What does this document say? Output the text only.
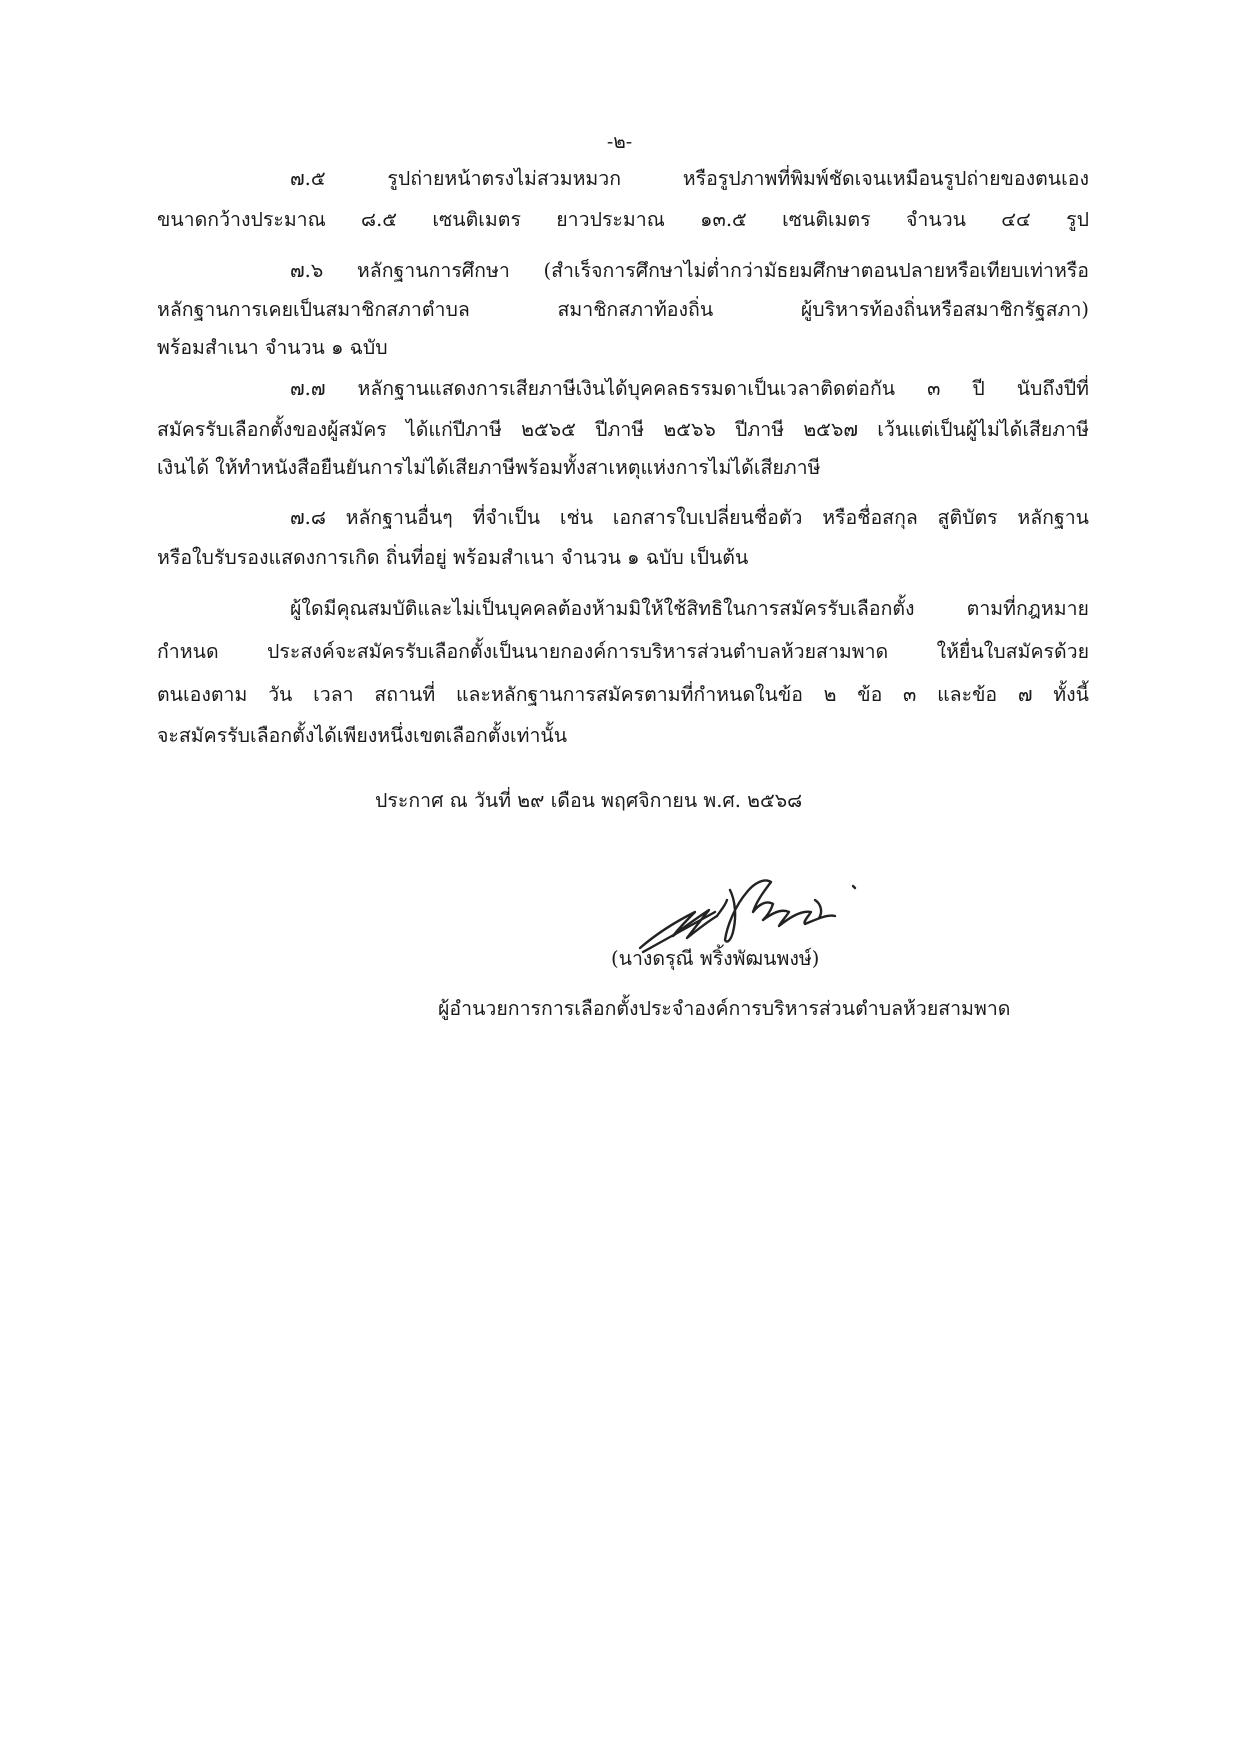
-๒-
๗.๕ รูปถ่ายหน้าตรงไม่สวมหมวก หรือรูปภาพที่พิมพ์ชัดเจนเหมือนรูปถ่ายของตนเอง
ขนาดกว้างประมาณ ๘.๕ เซนติเมตร ยาวประมาณ ๑๓.๕ เซนติเมตร จำนวน ๔๔ รูป
๗.๖ หลักฐานการศึกษา (สำเร็จการศึกษาไม่ต่ำกว่ามัธยมศึกษาตอนปลายหรือเทียบเท่าหรือ
หลักฐานการเคยเป็นสมาชิกสภาตำบล สมาชิกสภาท้องถิ่น ผู้บริหารท้องถิ่นหรือสมาชิกรัฐสภา)
พร้อมสำเนา จำนวน ๑ ฉบับ
๗.๗ หลักฐานแสดงการเสียภาษีเงินได้บุคคลธรรมดาเป็นเวลาติดต่อกัน ๓ ปี นับถึงปีที่
สมัครรับเลือกตั้งของผู้สมัคร ได้แก่ปีภาษี ๒๕๖๕ ปีภาษี ๒๕๖๖ ปีภาษี ๒๕๖๗ เว้นแต่เป็นผู้ไม่ได้เสียภาษี
เงินได้ ให้ทำหนังสือยืนยันการไม่ได้เสียภาษีพร้อมทั้งสาเหตุแห่งการไม่ได้เสียภาษี
๗.๘ หลักฐานอื่นๆ ที่จำเป็น เช่น เอกสารใบเปลี่ยนชื่อตัว หรือชื่อสกุล สูติบัตร หลักฐาน
หรือใบรับรองแสดงการเกิด ถิ่นที่อยู่ พร้อมสำเนา จำนวน ๑ ฉบับ เป็นต้น
ผู้ใดมีคุณสมบัติและไม่เป็นบุคคลต้องห้ามมิให้ใช้สิทธิในการสมัครรับเลือกตั้ง ตามที่กฎหมาย
กำหนด ประสงค์จะสมัครรับเลือกตั้งเป็นนายกองค์การบริหารส่วนตำบลห้วยสามพาด ให้ยื่นใบสมัครด้วย
ตนเองตาม วัน เวลา สถานที่ และหลักฐานการสมัครตามที่กำหนดในข้อ ๒ ข้อ ๓ และข้อ ๗ ทั้งนี้
จะสมัครรับเลือกตั้งได้เพียงหนึ่งเขตเลือกตั้งเท่านั้น
ประกาศ ณ วันที่ ๒๙ เดือน พฤศจิกายน พ.ศ. ๒๕๖๘
(นางดรุณี พริ้งพัฒนพงษ์)
ผู้อำนวยการการเลือกตั้งประจำองค์การบริหารส่วนตำบลห้วยสามพาด
